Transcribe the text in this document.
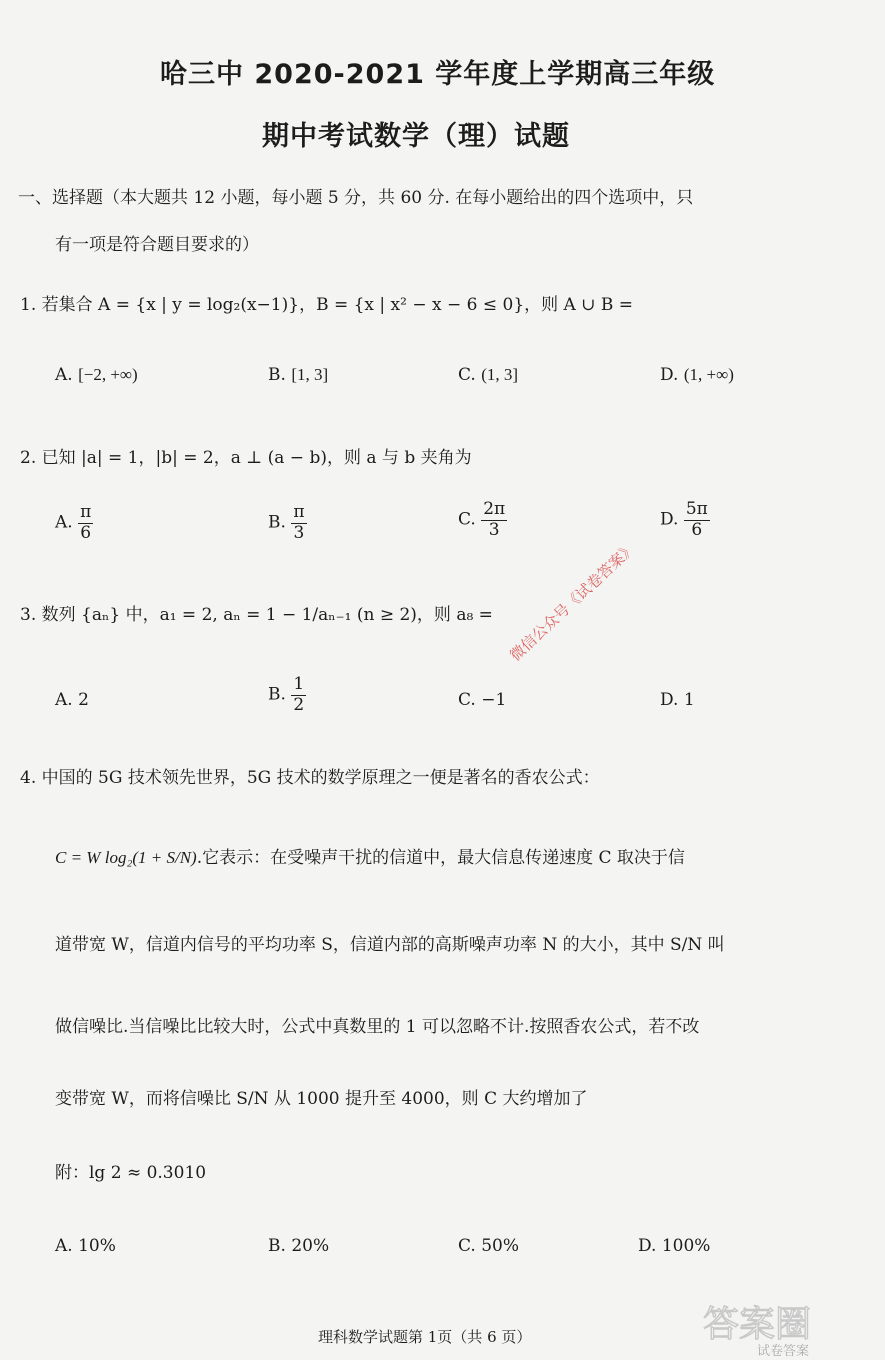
哈三中 2020-2021 学年度上学期高三年级
期中考试数学（理）试题
一、选择题（本大题共 12 小题，每小题 5 分，共 60 分. 在每小题给出的四个选项中，只
有一项是符合题目要求的）
1. 若集合 A = {x | y = log₂(x−1)}，B = {x | x² − x − 6 ≤ 0}，则 A ∪ B =
A. [−2, +∞)	B. [1, 3]	C. (1, 3]	D. (1, +∞)
2. 已知 |a| = 1，|b| = 2，a ⊥ (a − b)，则 a 与 b 夹角为
A. $\frac{\pi}{6}$	B. $\frac{\pi}{3}$	C. $\frac{2\pi}{3}$	D. $\frac{5\pi}{6}$
3. 数列 {aₙ} 中，a₁ = 2, aₙ = 1 − 1/aₙ₋₁ (n ≥ 2)，则 a₈ =
A. 2	B. $\frac{1}{2}$	C. −1	D. 1
4. 中国的 5G 技术领先世界，5G 技术的数学原理之一便是著名的香农公式：
C = W log₂(1 + S/N).它表示：在受噪声干扰的信道中，最大信息传递速度 C 取决于信
道带宽 W，信道内信号的平均功率 S，信道内部的高斯噪声功率 N 的大小，其中 S/N 叫
做信噪比.当信噪比比较大时，公式中真数里的 1 可以忽略不计.按照香农公式，若不改
变带宽 W，而将信噪比 S/N 从 1000 提升至 4000，则 C 大约增加了
附：lg 2 ≈ 0.3010
A. 10%	B. 20%	C. 50%	D. 100%
微信公众号《试卷答案》
理科数学试题第 1页（共 6 页）	答案圈
试卷答案
